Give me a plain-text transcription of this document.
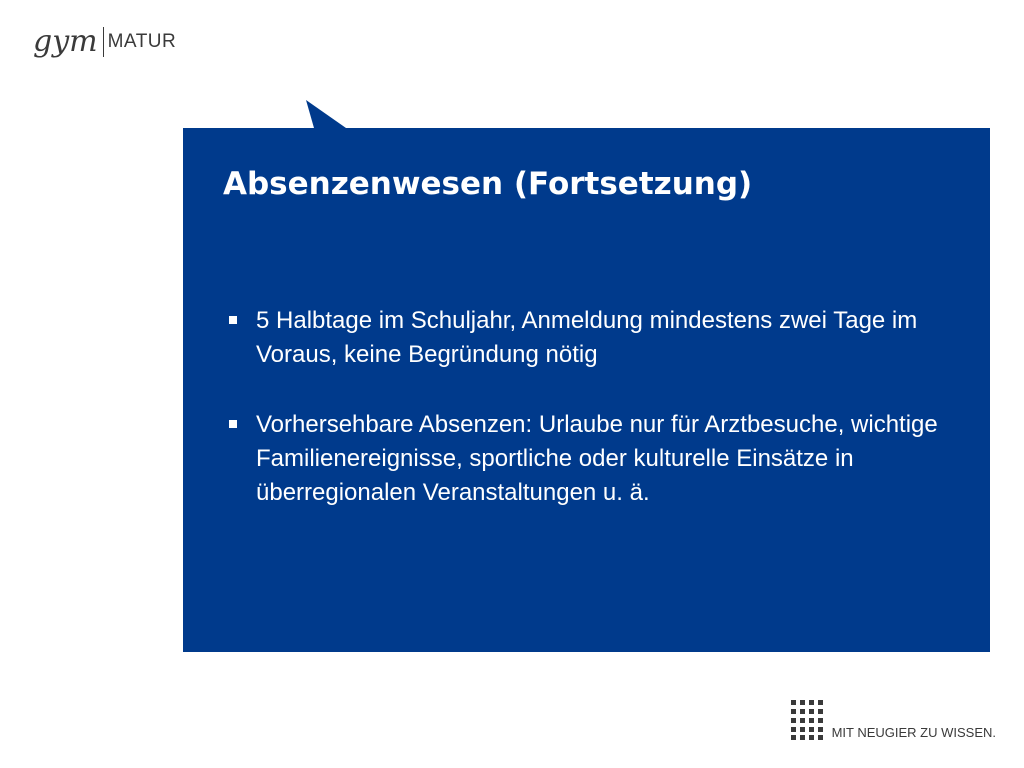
gym MATUR
Absenzenwesen (Fortsetzung)
5 Halbtage im Schuljahr, Anmeldung mindestens zwei Tage im Voraus, keine Begründung nötig
Vorhersehbare Absenzen: Urlaube nur für Arztbesuche, wichtige Familienereignisse, sportliche oder kulturelle Einsätze in überregionalen Veranstaltungen u. ä.
MIT NEUGIER ZU WISSEN.
